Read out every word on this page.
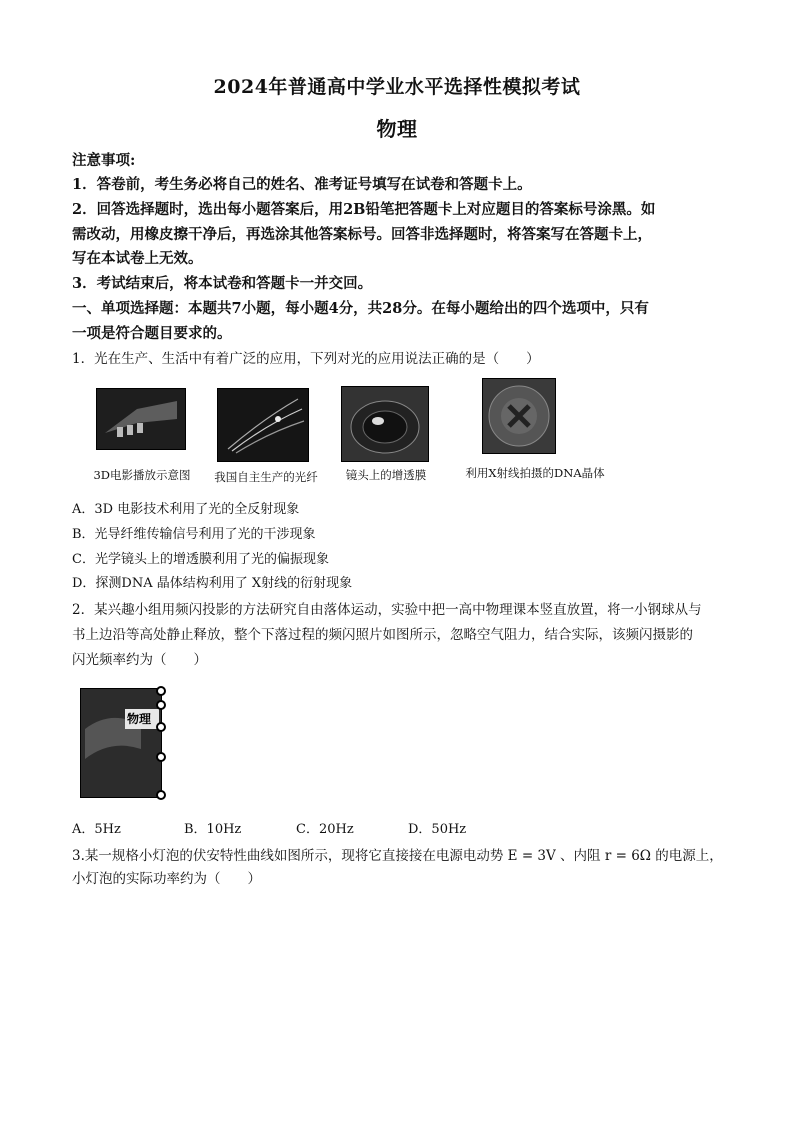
2024年普通高中学业水平选择性模拟考试
物理
注意事项:
1．答卷前，考生务必将自己的姓名、准考证号填写在试卷和答题卡上。
2．回答选择题时，选出每小题答案后，用2B铅笔把答题卡上对应题目的答案标号涂黑。如
需改动，用橡皮擦干净后，再选涂其他答案标号。回答非选择题时，将答案写在答题卡上，
写在本试卷上无效。
3．考试结束后，将本试卷和答题卡一并交回。
一、单项选择题：本题共7小题，每小题4分，共28分。在每小题给出的四个选项中，只有
一项是符合题目要求的。
1．光在生产、生活中有着广泛的应用，下列对光的应用说法正确的是（　　）
3D电影播放示意图	我国自主生产的光纤	镜头上的增透膜	利用X射线拍摄的DNA晶体
A．3D 电影技术利用了光的全反射现象
B．光导纤维传输信号利用了光的干涉现象
C．光学镜头上的增透膜利用了光的偏振现象
D．探测DNA 晶体结构利用了 X射线的衍射现象
2．某兴趣小组用频闪投影的方法研究自由落体运动，实验中把一高中物理课本竖直放置，将一小钢球从与
书上边沿等高处静止释放，整个下落过程的频闪照片如图所示，忽略空气阻力，结合实际，该频闪摄影的
闪光频率约为（　　）
物理
A．5Hz	B．10Hz	C．20Hz	D．50Hz
3.某一规格小灯泡的伏安特性曲线如图所示，现将它直接接在电源电动势 E = 3V 、内阻 r = 6Ω 的电源上，
小灯泡的实际功率约为（　　）
